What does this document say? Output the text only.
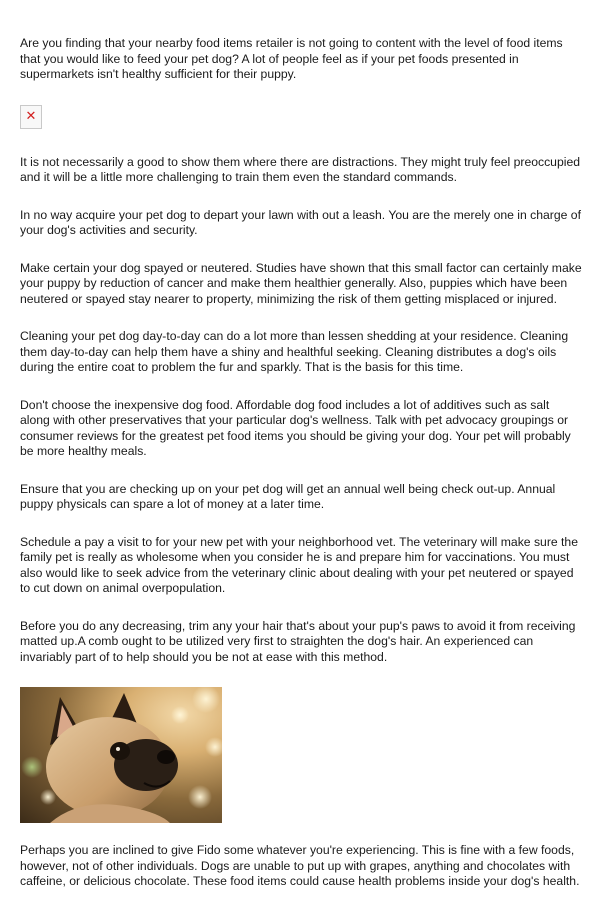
Are you finding that your nearby food items retailer is not going to content with the level of food items that you would like to feed your pet dog? A lot of people feel as if your pet foods presented in supermarkets isn't healthy sufficient for their puppy.

✕

It is not necessarily a good to show them where there are distractions. They might truly feel preoccupied and it will be a little more challenging to train them even the standard commands.

In no way acquire your pet dog to depart your lawn with out a leash. You are the merely one in charge of your dog's activities and security.

Make certain your dog spayed or neutered. Studies have shown that this small factor can certainly make your puppy by reduction of cancer and make them healthier generally. Also, puppies which have been neutered or spayed stay nearer to property, minimizing the risk of them getting misplaced or injured.

Cleaning your pet dog day-to-day can do a lot more than lessen shedding at your residence. Cleaning them day-to-day can help them have a shiny and healthful seeking. Cleaning distributes a dog's oils during the entire coat to problem the fur and sparkly. That is the basis for this time.

Don't choose the inexpensive dog food. Affordable dog food includes a lot of additives such as salt along with other preservatives that your particular dog's wellness. Talk with pet advocacy groupings or consumer reviews for the greatest pet food items you should be giving your dog. Your pet will probably be more healthy meals.

Ensure that you are checking up on your pet dog will get an annual well being check out-up. Annual puppy physicals can spare a lot of money at a later time.

Schedule a pay a visit to for your new pet with your neighborhood vet. The veterinary will make sure the family pet is really as wholesome when you consider he is and prepare him for vaccinations. You must also would like to seek advice from the veterinary clinic about dealing with your pet neutered or spayed to cut down on animal overpopulation.

Before you do any decreasing, trim any your hair that's about your pup's paws to avoid it from receiving matted up.A comb ought to be utilized very first to straighten the dog's hair. An experienced can invariably part of to help should you be not at ease with this method.

Perhaps you are inclined to give Fido some whatever you're experiencing. This is fine with a few foods, however, not of other individuals. Dogs are unable to put up with grapes, anything and chocolates with caffeine, or delicious chocolate. These food items could cause health problems inside your dog's health.
